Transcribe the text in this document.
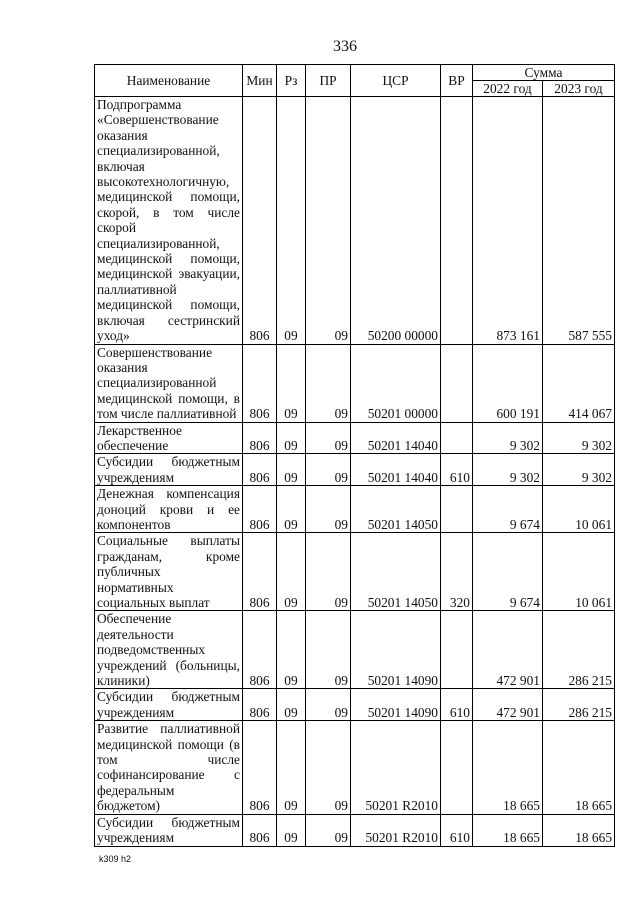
336
Наименование	Мин	Рз	ПР	ЦСР	ВР	Сумма	
						2022 год	2023 год
Подпрограмма «Совершенствование оказания специализированной, включая высокотехнологичную, медицинской помощи, скорой, в том числе скорой специализированной, медицинской помощи, медицинской эвакуации, паллиативной медицинской помощи, включая сестринский уход»	806	09	09	50200 00000		873 161	587 555
Совершенствование оказания специализированной медицинской помощи, в том числе паллиативной	806	09	09	50201 00000		600 191	414 067
Лекарственное обеспечение	806	09	09	50201 14040		9 302	9 302
Субсидии бюджетным учреждениям	806	09	09	50201 14040	610	9 302	9 302
Денежная компенсация доноций крови и ее компонентов	806	09	09	50201 14050		9 674	10 061
Социальные выплаты гражданам, кроме публичных нормативных социальных выплат	806	09	09	50201 14050	320	9 674	10 061
Обеспечение деятельности подведомственных учреждений (больницы, клиники)	806	09	09	50201 14090		472 901	286 215
Субсидии бюджетным учреждениям	806	09	09	50201 14090	610	472 901	286 215
Развитие паллиативной медицинской помощи (в том числе софинансирование с федеральным бюджетом)	806	09	09	50201 R2010		18 665	18 665
Субсидии бюджетным учреждениям	806	09	09	50201 R2010	610	18 665	18 665
k309 h2
